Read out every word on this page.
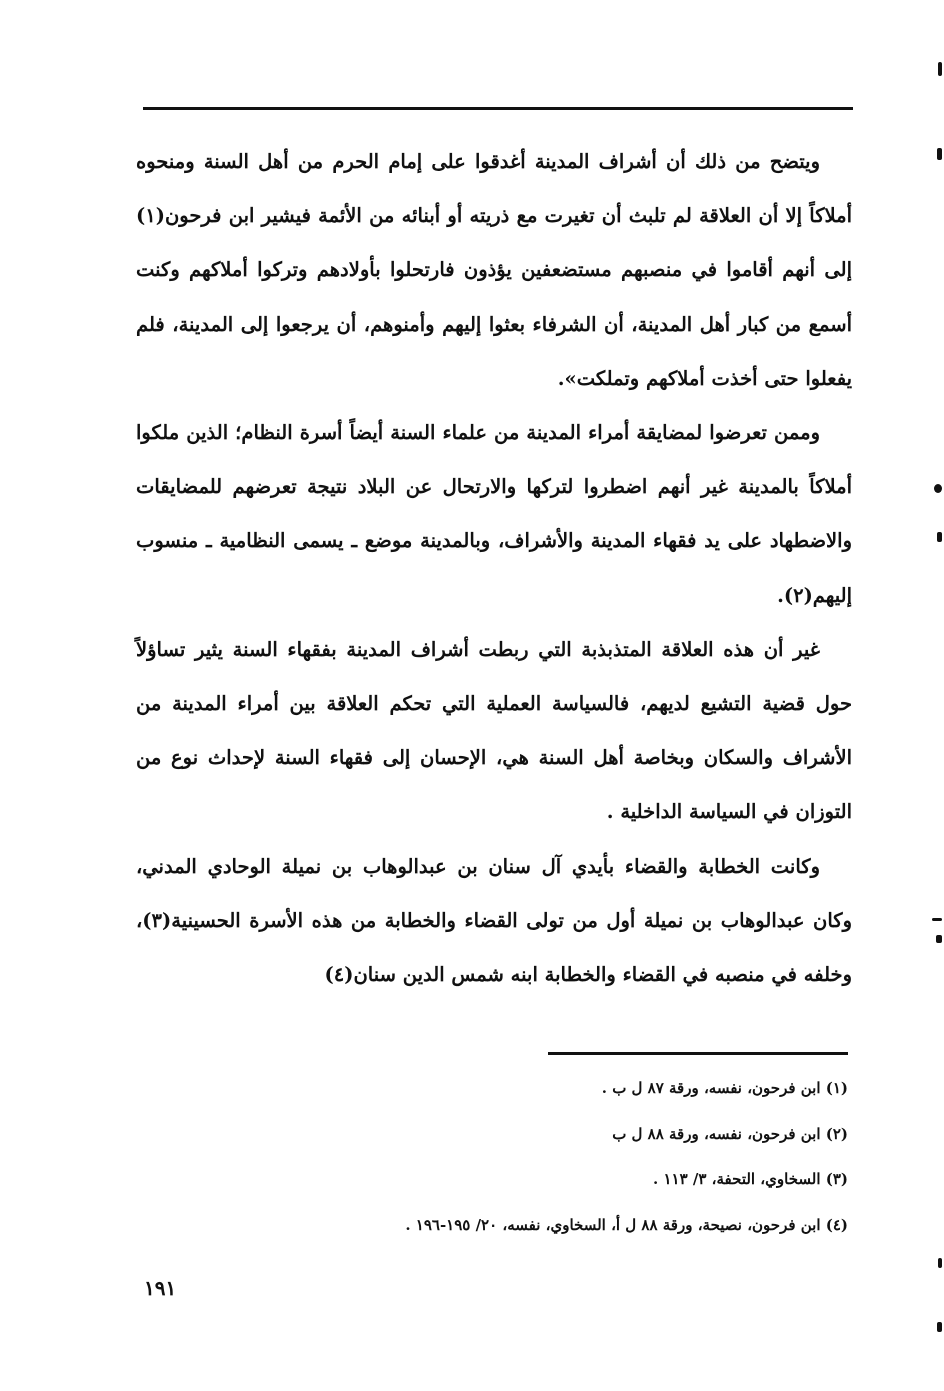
ويتضح من ذلك أن أشراف المدينة أغدقوا على إمام الحرم من أهل السنة ومنحوه أملاكاً إلا أن العلاقة لم تلبث أن تغيرت مع ذريته أو أبنائه من الأئمة فيشير ابن فرحون(١) إلى أنهم أقاموا في منصبهم مستضعفين يؤذون فارتحلوا بأولادهم وتركوا أملاكهم وكنت أسمع من كبار أهل المدينة، أن الشرفاء بعثوا إليهم وأمنوهم، أن يرجعوا إلى المدينة، فلم يفعلوا حتى أخذت أملاكهم وتملكت».

وممن تعرضوا لمضايقة أمراء المدينة من علماء السنة أيضاً أسرة النظام؛ الذين ملكوا أملاكاً بالمدينة غير أنهم اضطروا لتركها والارتحال عن البلاد نتيجة تعرضهم للمضايقات والاضطهاد على يد فقهاء المدينة والأشراف، وبالمدينة موضع ـ يسمى النظامية ـ منسوب إليهم(٢).

غير أن هذه العلاقة المتذبذبة التي ربطت أشراف المدينة بفقهاء السنة يثير تساؤلاً حول قضية التشيع لديهم، فالسياسة العملية التي تحكم العلاقة بين أمراء المدينة من الأشراف والسكان وبخاصة أهل السنة هي، الإحسان إلى فقهاء السنة لإحداث نوع من التوزان في السياسة الداخلية .

وكانت الخطابة والقضاء بأيدي آل سنان بن عبدالوهاب بن نميلة الوحادي المدني، وكان عبدالوهاب بن نميلة أول من تولى القضاء والخطابة من هذه الأسرة الحسينية(٣)، وخلفه في منصبه في القضاء والخطابة ابنه شمس الدين سنان(٤)

(١) ابن فرحون، نفسه، ورقة ٨٧ ل ب .

(٢) ابن فرحون، نفسه، ورقة ٨٨ ل ب

(٣) السخاوي، التحفة، ٣/ ١١٣ .

(٤) ابن فرحون، نصيحة، ورقة ٨٨ ل أ، السخاوي، نفسه، ٢٠/ ١٩٥-١٩٦ .

١٩١
